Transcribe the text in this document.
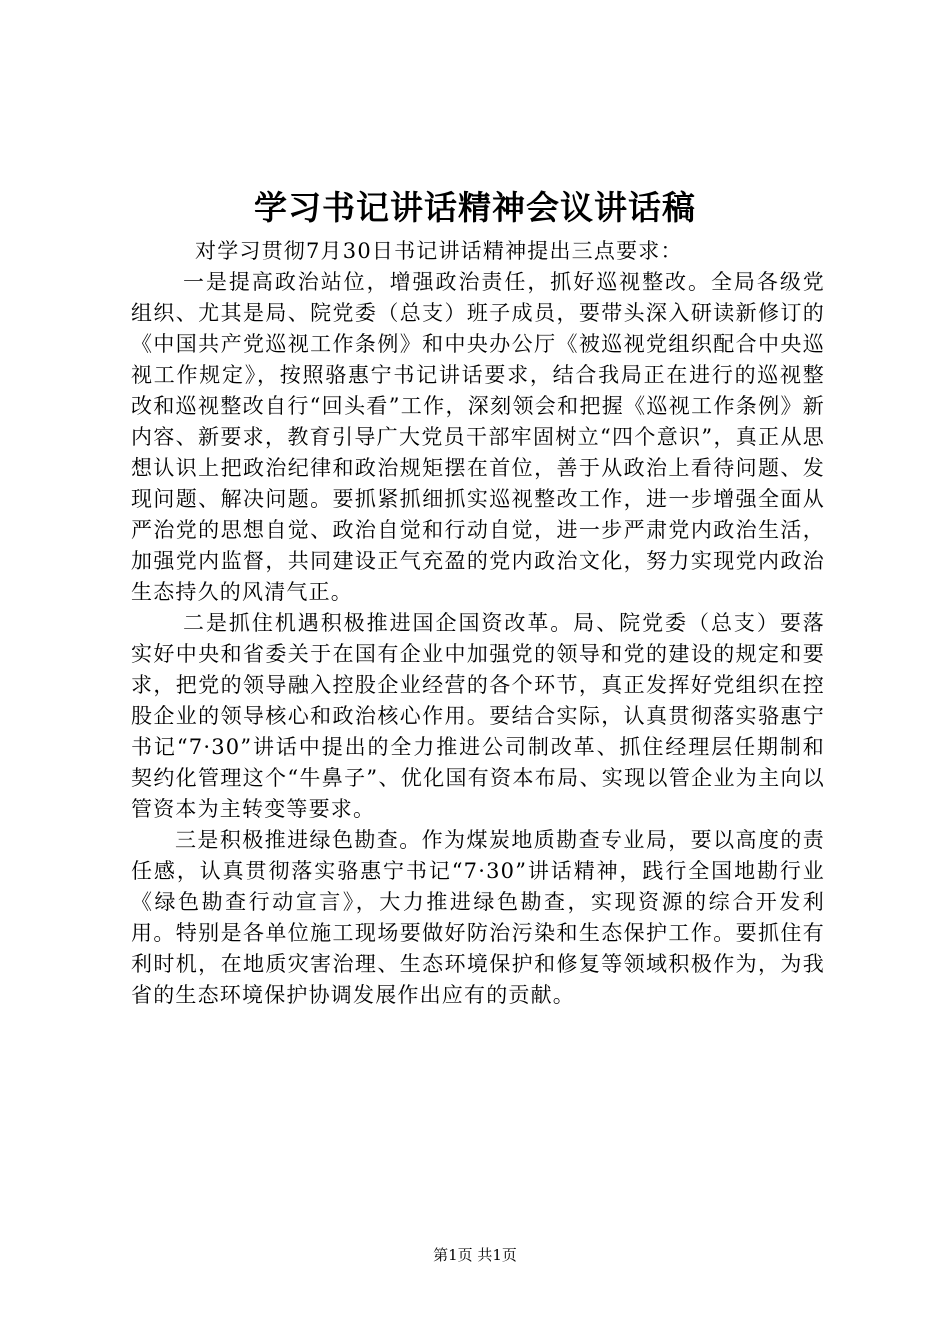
学习书记讲话精神会议讲话稿

对学习贯彻7月30日书记讲话精神提出三点要求：

一是提高政治站位，增强政治责任，抓好巡视整改。全局各级党组织、尤其是局、院党委（总支）班子成员，要带头深入研读新修订的《中国共产党巡视工作条例》和中央办公厅《被巡视党组织配合中央巡视工作规定》，按照骆惠宁书记讲话要求，结合我局正在进行的巡视整改和巡视整改自行“回头看”工作，深刻领会和把握《巡视工作条例》新内容、新要求，教育引导广大党员干部牢固树立“四个意识”，真正从思想认识上把政治纪律和政治规矩摆在首位，善于从政治上看待问题、发现问题、解决问题。要抓紧抓细抓实巡视整改工作，进一步增强全面从严治党的思想自觉、政治自觉和行动自觉，进一步严肃党内政治生活，加强党内监督，共同建设正气充盈的党内政治文化，努力实现党内政治生态持久的风清气正。

二是抓住机遇积极推进国企国资改革。局、院党委（总支）要落实好中央和省委关于在国有企业中加强党的领导和党的建设的规定和要求，把党的领导融入控股企业经营的各个环节，真正发挥好党组织在控股企业的领导核心和政治核心作用。要结合实际，认真贯彻落实骆惠宁书记“7·30”讲话中提出的全力推进公司制改革、抓住经理层任期制和契约化管理这个“牛鼻子”、优化国有资本布局、实现以管企业为主向以管资本为主转变等要求。

三是积极推进绿色勘查。作为煤炭地质勘查专业局，要以高度的责任感，认真贯彻落实骆惠宁书记“7·30”讲话精神，践行全国地勘行业《绿色勘查行动宣言》，大力推进绿色勘查，实现资源的综合开发利用。特别是各单位施工现场要做好防治污染和生态保护工作。要抓住有利时机，在地质灾害治理、生态环境保护和修复等领域积极作为，为我省的生态环境保护协调发展作出应有的贡献。

第1页 共1页
